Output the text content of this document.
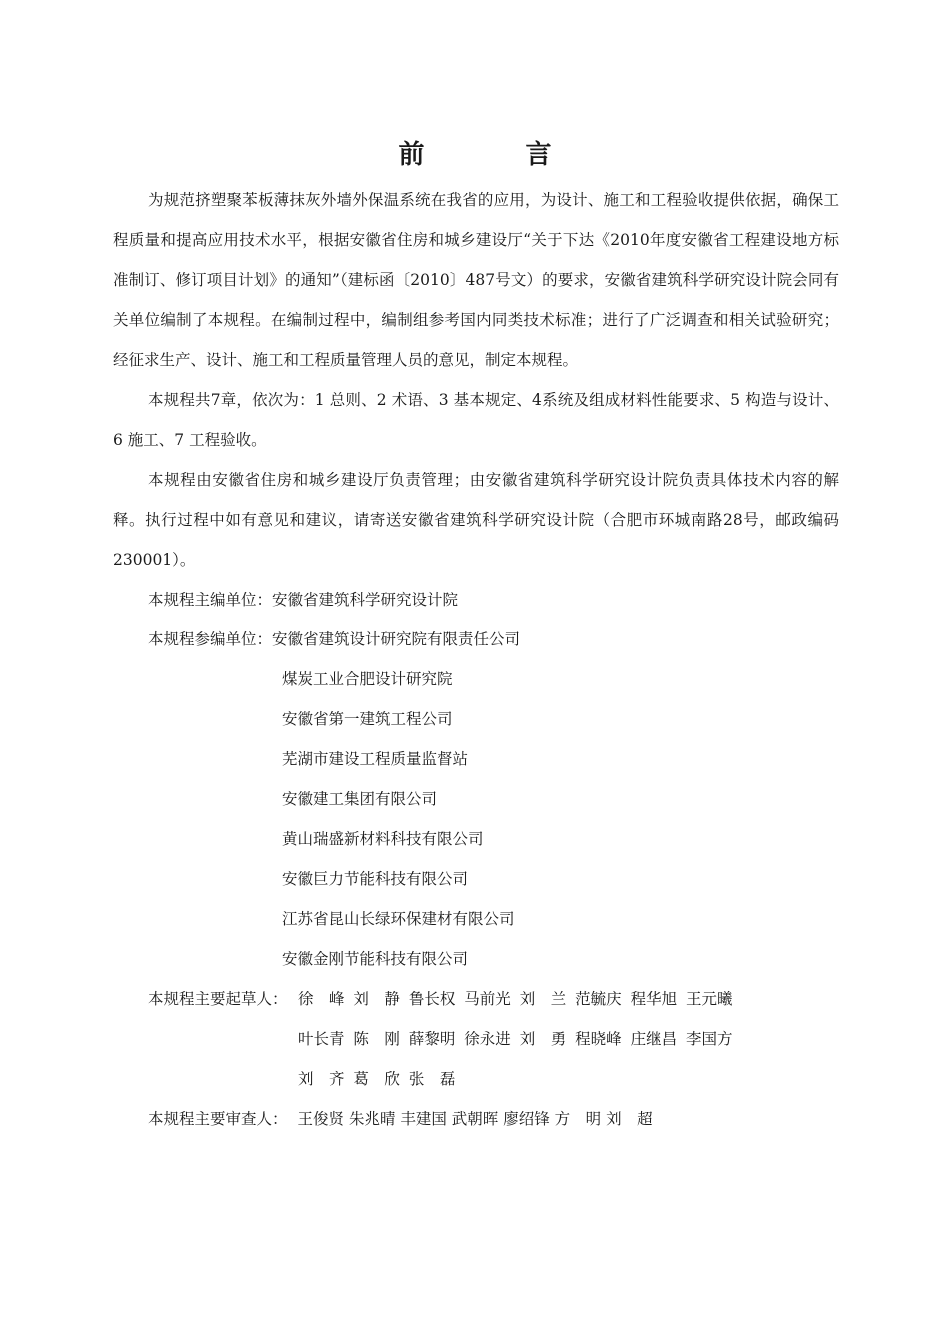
前 言

为规范挤塑聚苯板薄抹灰外墙外保温系统在我省的应用，为设计、施工和工程验收提供依据，确保工程质量和提高应用技术水平，根据安徽省住房和城乡建设厅“关于下达《2010年度安徽省工程建设地方标准制订、修订项目计划》的通知”（建标函〔2010〕487号文）的要求，安徽省建筑科学研究设计院会同有关单位编制了本规程。在编制过程中，编制组参考国内同类技术标准；进行了广泛调查和相关试验研究；经征求生产、设计、施工和工程质量管理人员的意见，制定本规程。

本规程共7章，依次为：1 总则、2 术语、3 基本规定、4系统及组成材料性能要求、5 构造与设计、6 施工、7 工程验收。

本规程由安徽省住房和城乡建设厅负责管理；由安徽省建筑科学研究设计院负责具体技术内容的解释。执行过程中如有意见和建议，请寄送安徽省建筑科学研究设计院（合肥市环城南路28号，邮政编码230001）。

本规程主编单位：安徽省建筑科学研究设计院
本规程参编单位：安徽省建筑设计研究院有限责任公司
煤炭工业合肥设计研究院
安徽省第一建筑工程公司
芜湖市建设工程质量监督站
安徽建工集团有限公司
黄山瑞盛新材料科技有限公司
安徽巨力节能科技有限公司
江苏省昆山长绿环保建材有限公司
安徽金刚节能科技有限公司
本规程主要起草人： 徐　峰 刘　静 鲁长权 马前光 刘　兰 范毓庆 程华旭 王元曦
叶长青 陈　刚 薛黎明 徐永进 刘　勇 程晓峰 庄继昌 李国方
刘　齐 葛　欣 张　磊
本规程主要审查人： 王俊贤 朱兆晴 丰建国 武朝晖 廖绍锋 方　明 刘　超
